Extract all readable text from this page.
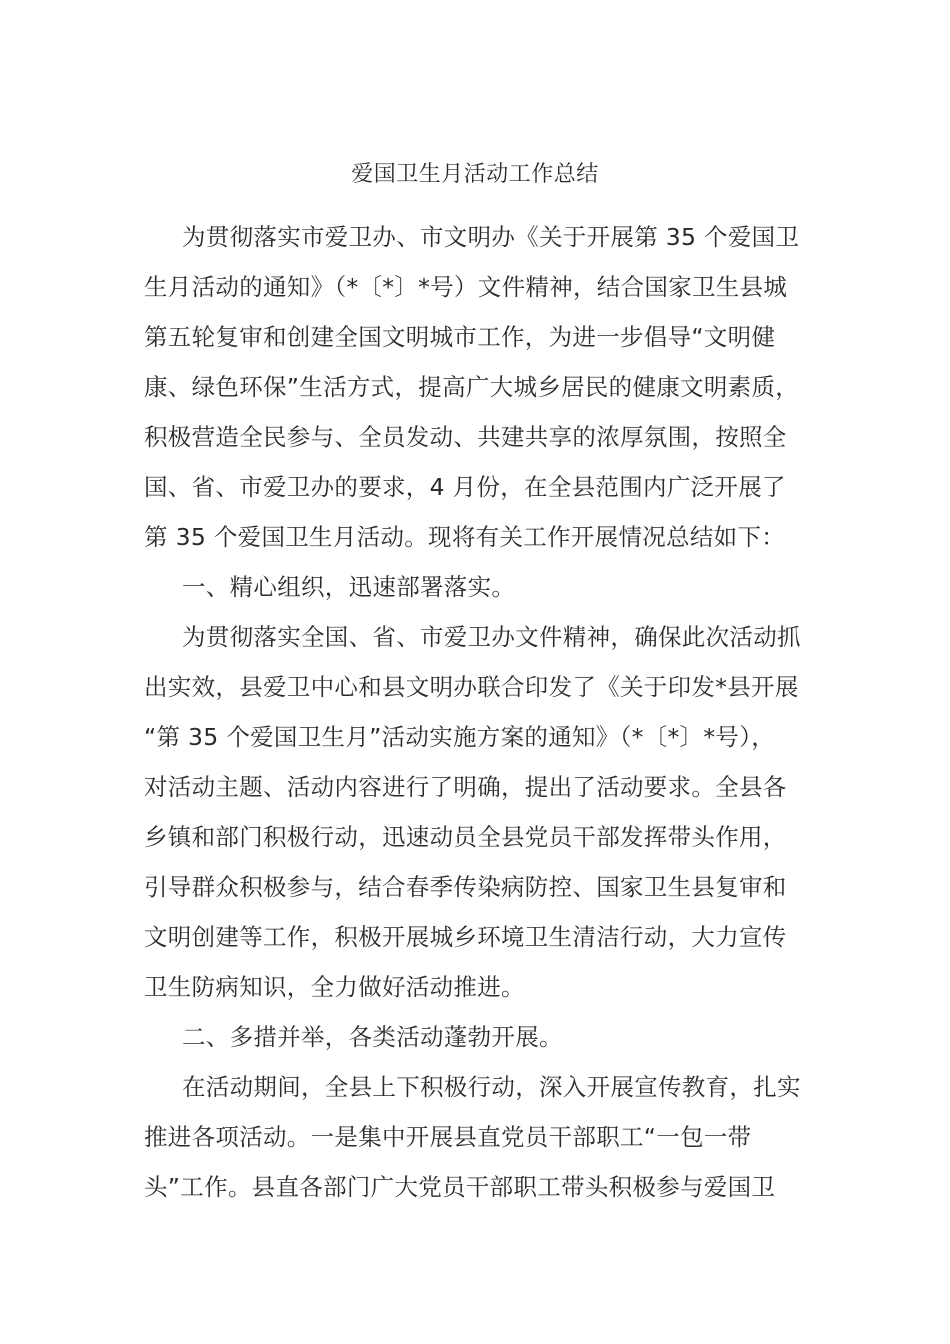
爱国卫生月活动工作总结
为贯彻落实市爱卫办、市文明办《关于开展第 35 个爱国卫
生月活动的通知》（*〔*〕*号）文件精神，结合国家卫生县城
第五轮复审和创建全国文明城市工作，为进一步倡导“文明健
康、绿色环保”生活方式，提高广大城乡居民的健康文明素质，
积极营造全民参与、全员发动、共建共享的浓厚氛围，按照全
国、省、市爱卫办的要求，4 月份，在全县范围内广泛开展了
第 35 个爱国卫生月活动。现将有关工作开展情况总结如下：
一、精心组织，迅速部署落实。
为贯彻落实全国、省、市爱卫办文件精神，确保此次活动抓
出实效，县爱卫中心和县文明办联合印发了《关于印发*县开展
“第 35 个爱国卫生月”活动实施方案的通知》（*〔*〕*号），
对活动主题、活动内容进行了明确，提出了活动要求。全县各
乡镇和部门积极行动，迅速动员全县党员干部发挥带头作用，
引导群众积极参与，结合春季传染病防控、国家卫生县复审和
文明创建等工作，积极开展城乡环境卫生清洁行动，大力宣传
卫生防病知识，全力做好活动推进。
二、多措并举，各类活动蓬勃开展。
在活动期间，全县上下积极行动，深入开展宣传教育，扎实
推进各项活动。一是集中开展县直党员干部职工“一包一带
头”工作。县直各部门广大党员干部职工带头积极参与爱国卫
